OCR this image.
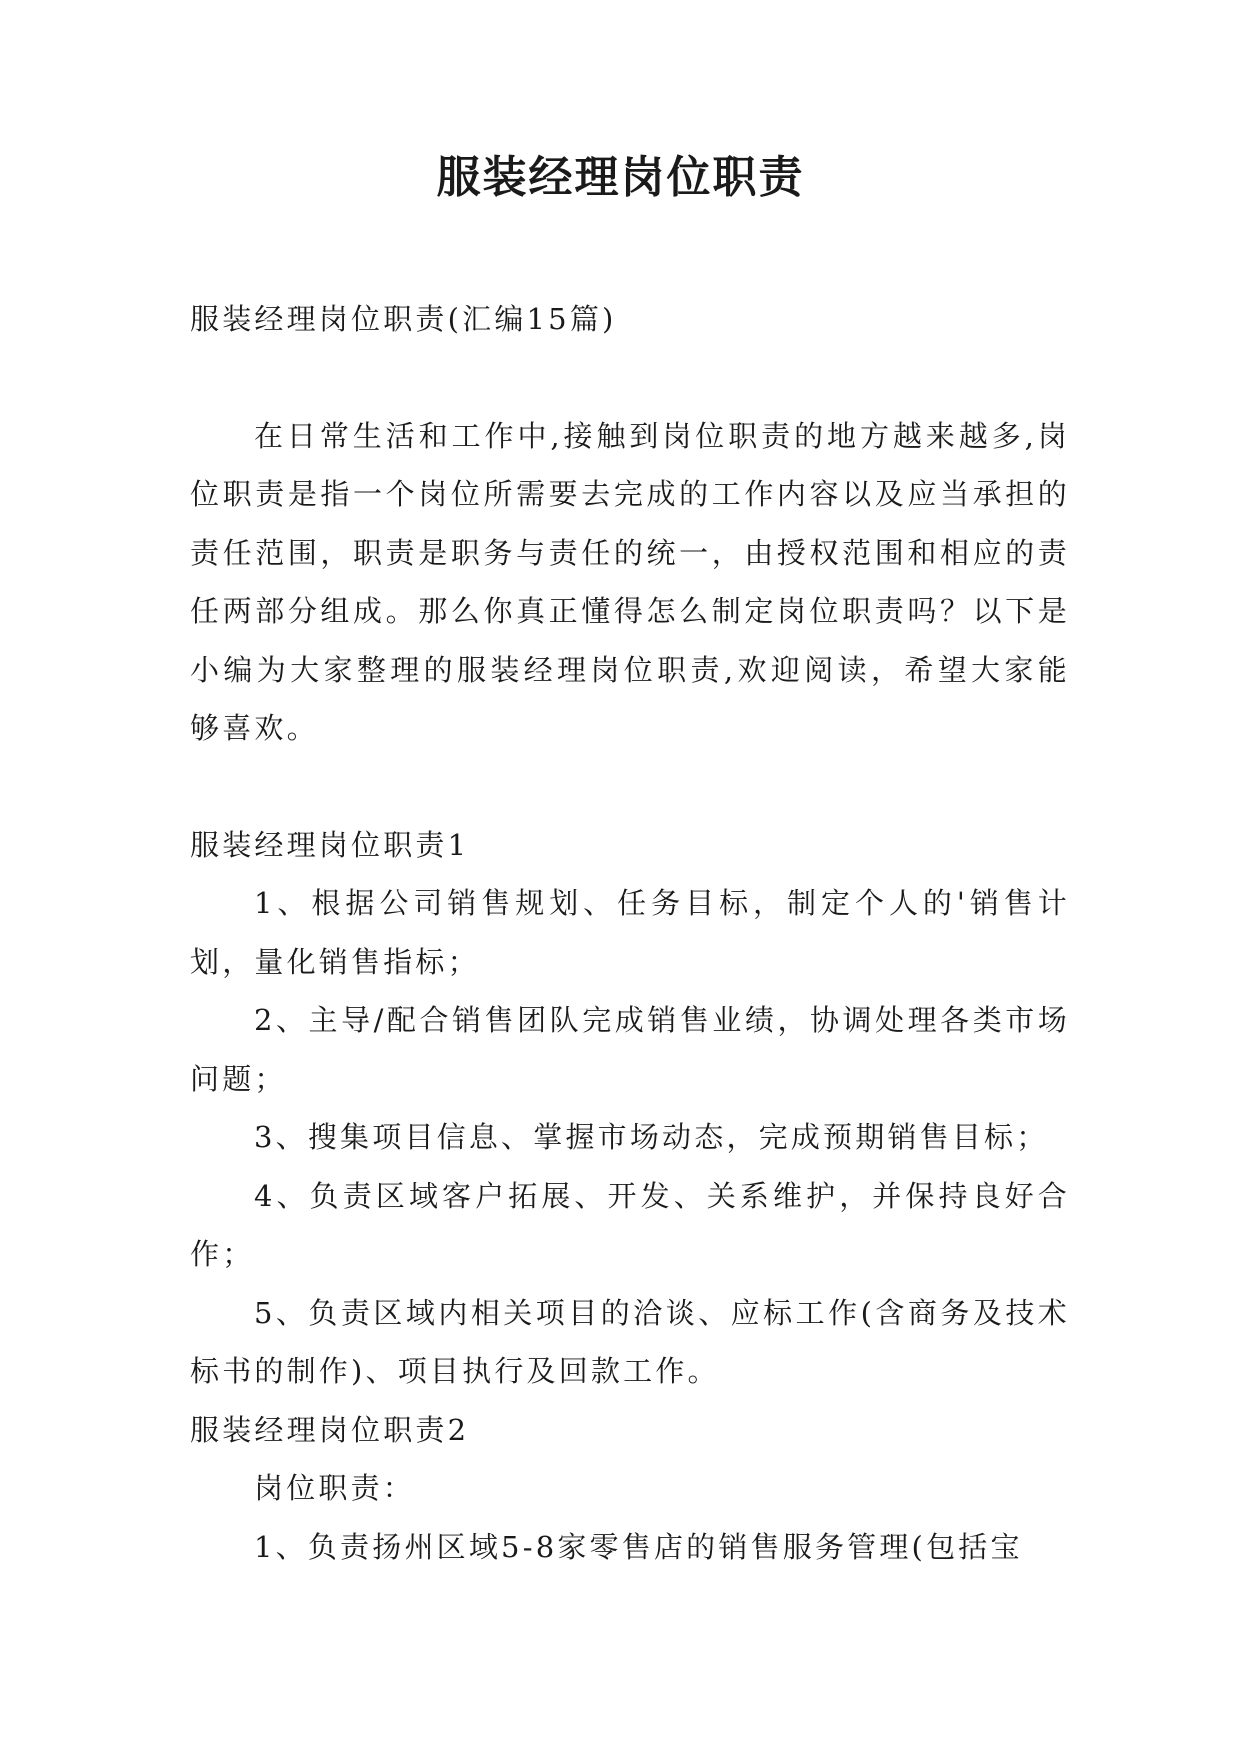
服装经理岗位职责

服装经理岗位职责(汇编15篇)

在日常生活和工作中,接触到岗位职责的地方越来越多,岗位职责是指一个岗位所需要去完成的工作内容以及应当承担的责任范围，职责是职务与责任的统一，由授权范围和相应的责任两部分组成。那么你真正懂得怎么制定岗位职责吗？以下是小编为大家整理的服装经理岗位职责,欢迎阅读，希望大家能够喜欢。

服装经理岗位职责1

1、根据公司销售规划、任务目标，制定个人的'销售计划，量化销售指标；

2、主导/配合销售团队完成销售业绩，协调处理各类市场问题；

3、搜集项目信息、掌握市场动态，完成预期销售目标；

4、负责区域客户拓展、开发、关系维护，并保持良好合作；

5、负责区域内相关项目的洽谈、应标工作(含商务及技术标书的制作)、项目执行及回款工作。

服装经理岗位职责2

岗位职责：

1、负责扬州区域5-8家零售店的销售服务管理(包括宝
